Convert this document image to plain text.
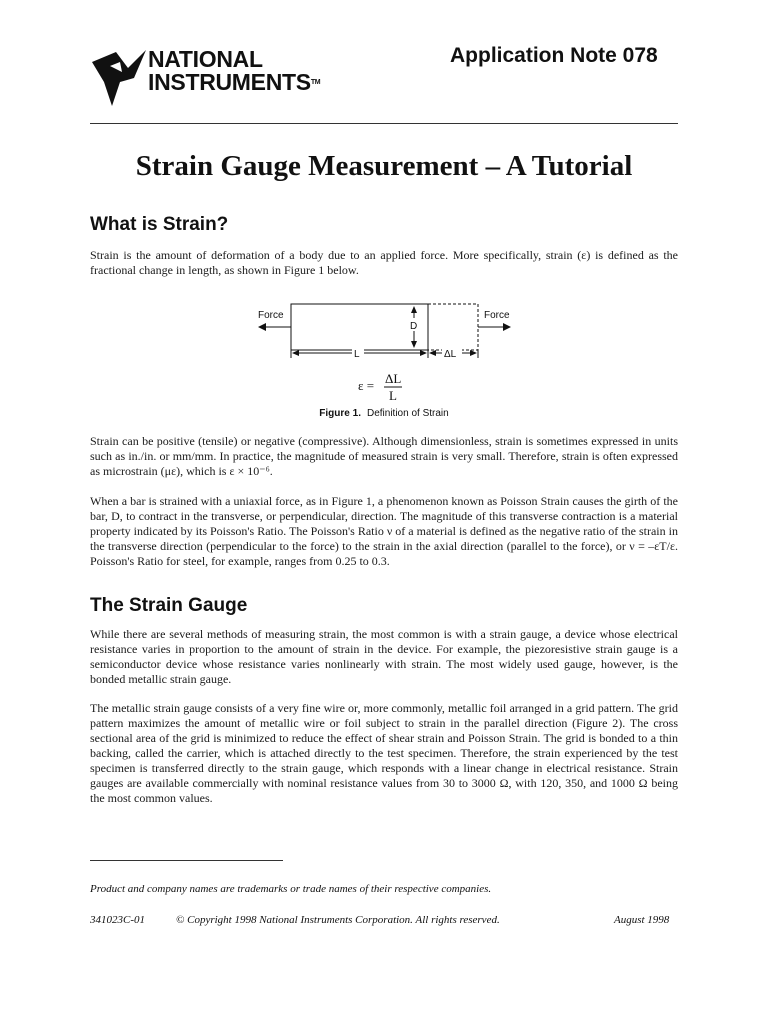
NATIONAL
INSTRUMENTS™
Application Note 078
Strain Gauge Measurement – A Tutorial
What is Strain?

Strain is the amount of deformation of a body due to an applied force. More specifically, strain (ε) is defined as the fractional change in length, as shown in Figure 1 below.

Force	Force
D
L	ΔL
ε = ΔL
L
Figure 1. Definition of Strain

Strain can be positive (tensile) or negative (compressive). Although dimensionless, strain is sometimes expressed in units such as in./in. or mm/mm. In practice, the magnitude of measured strain is very small. Therefore, strain is often expressed as microstrain (με), which is ε × 10⁻⁶.

When a bar is strained with a uniaxial force, as in Figure 1, a phenomenon known as Poisson Strain causes the girth of the bar, D, to contract in the transverse, or perpendicular, direction. The magnitude of this transverse contraction is a material property indicated by its Poisson's Ratio. The Poisson's Ratio ν of a material is defined as the negative ratio of the strain in the transverse direction (perpendicular to the force) to the strain in the axial direction (parallel to the force), or ν = –εT/ε. Poisson's Ratio for steel, for example, ranges from 0.25 to 0.3.

The Strain Gauge

While there are several methods of measuring strain, the most common is with a strain gauge, a device whose electrical resistance varies in proportion to the amount of strain in the device. For example, the piezoresistive strain gauge is a semiconductor device whose resistance varies nonlinearly with strain. The most widely used gauge, however, is the bonded metallic strain gauge.

The metallic strain gauge consists of a very fine wire or, more commonly, metallic foil arranged in a grid pattern. The grid pattern maximizes the amount of metallic wire or foil subject to strain in the parallel direction (Figure 2). The cross sectional area of the grid is minimized to reduce the effect of shear strain and Poisson Strain. The grid is bonded to a thin backing, called the carrier, which is attached directly to the test specimen. Therefore, the strain experienced by the test specimen is transferred directly to the strain gauge, which responds with a linear change in electrical resistance. Strain gauges are available commercially with nominal resistance values from 30 to 3000 Ω, with 120, 350, and 1000 Ω being the most common values.

Product and company names are trademarks or trade names of their respective companies.
341023C-01	© Copyright 1998 National Instruments Corporation. All rights reserved.	August 1998
